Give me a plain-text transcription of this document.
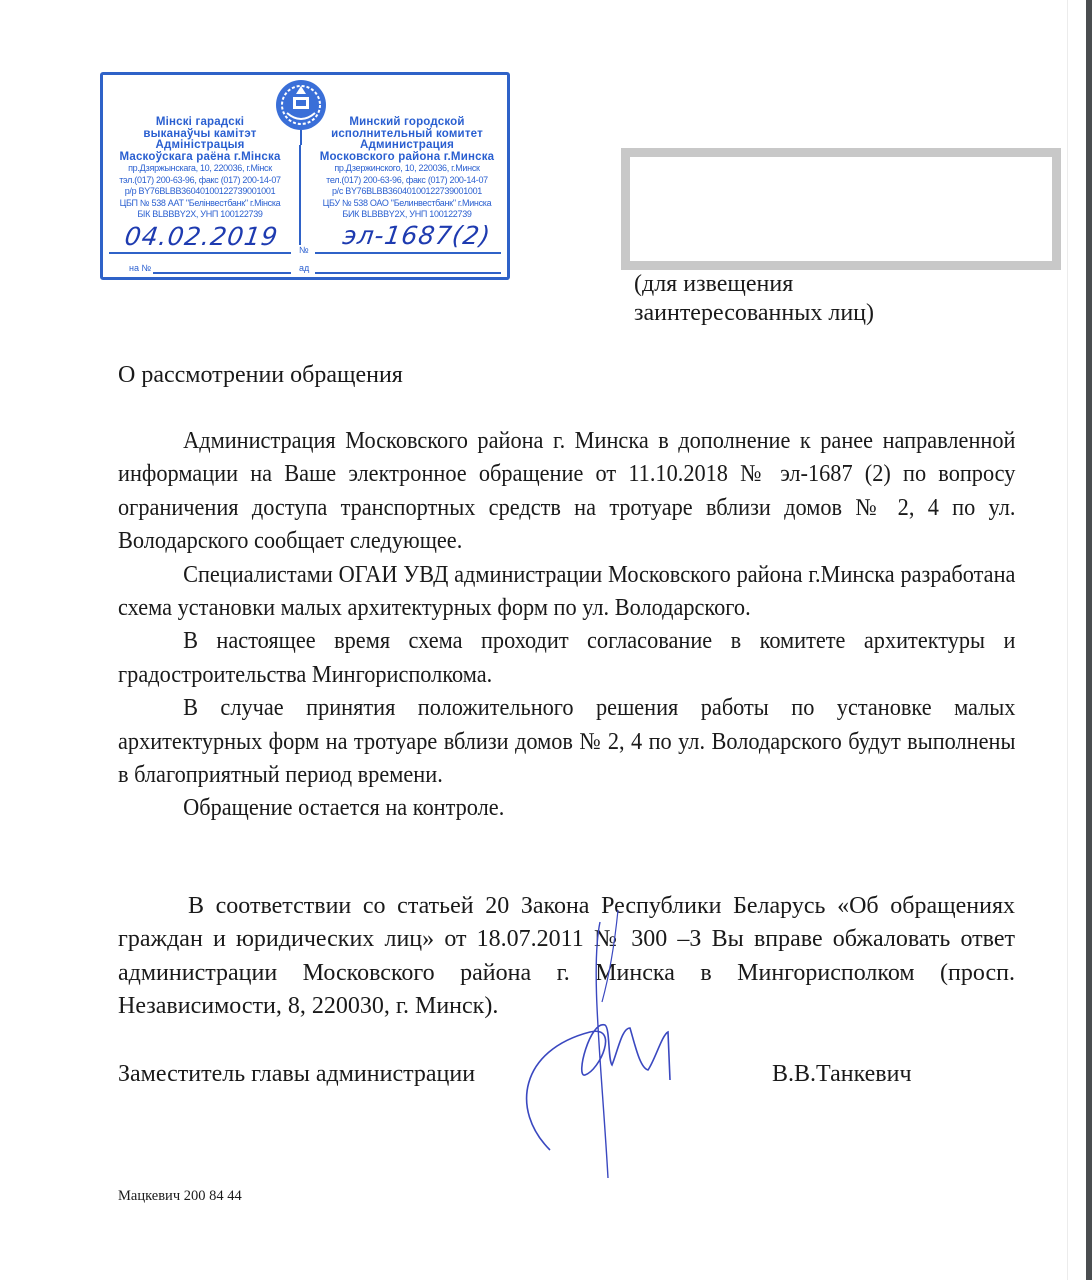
Мінскі гарадскі
выканаўчы камітэт
Адміністрацыя
Маскоўскага раёна г.Мінска
пр.Дзяржынскага, 10, 220036, г.Мінск
тэл.(017) 200-63-96, факс (017) 200-14-07
р/р BY76BLBB36040100122739001001
ЦБП № 538 ААТ "Белінвестбанк" г.Мінска
БІК BLBBBY2X, УНП 100122739
Минский городской
исполнительный комитет
Администрация
Московского района г.Минска
пр.Дзержинского, 10, 220036, г.Минск
тел.(017) 200-63-96, факс (017) 200-14-07
р/с BY76BLBB36040100122739001001
ЦБУ № 538 ОАО "Белинвестбанк" г.Минска
БИК BLBBBY2X, УНП 100122739
№
на №	ад
04.02.2019 эл-1687(2)
(для извещения заинтересованных лиц)
О рассмотрении обращения

Администрация Московского района г. Минска в дополнение к ранее направленной информации на Ваше электронное обращение от 11.10.2018 № эл-1687 (2) по вопросу ограничения доступа транспортных средств на тротуаре вблизи домов № 2, 4 по ул. Володарского сообщает следующее.

Специалистами ОГАИ УВД администрации Московского района г.Минска разработана схема установки малых архитектурных форм по ул. Володарского.

В настоящее время схема проходит согласование в комитете архитектуры и градостроительства Мингорисполкома.

В случае принятия положительного решения работы по установке малых архитектурных форм на тротуаре вблизи домов № 2, 4 по ул. Володарского будут выполнены в благоприятный период времени.

Обращение остается на контроле.

В соответствии со статьей 20 Закона Республики Беларусь «Об обращениях граждан и юридических лиц» от 18.07.2011 № 300 –З Вы вправе обжаловать ответ администрации Московского района г. Минска в Мингорисполком (просп. Независимости, 8, 220030, г. Минск).

Заместитель главы администрации	В.В.Танкевич
Мацкевич 200 84 44
